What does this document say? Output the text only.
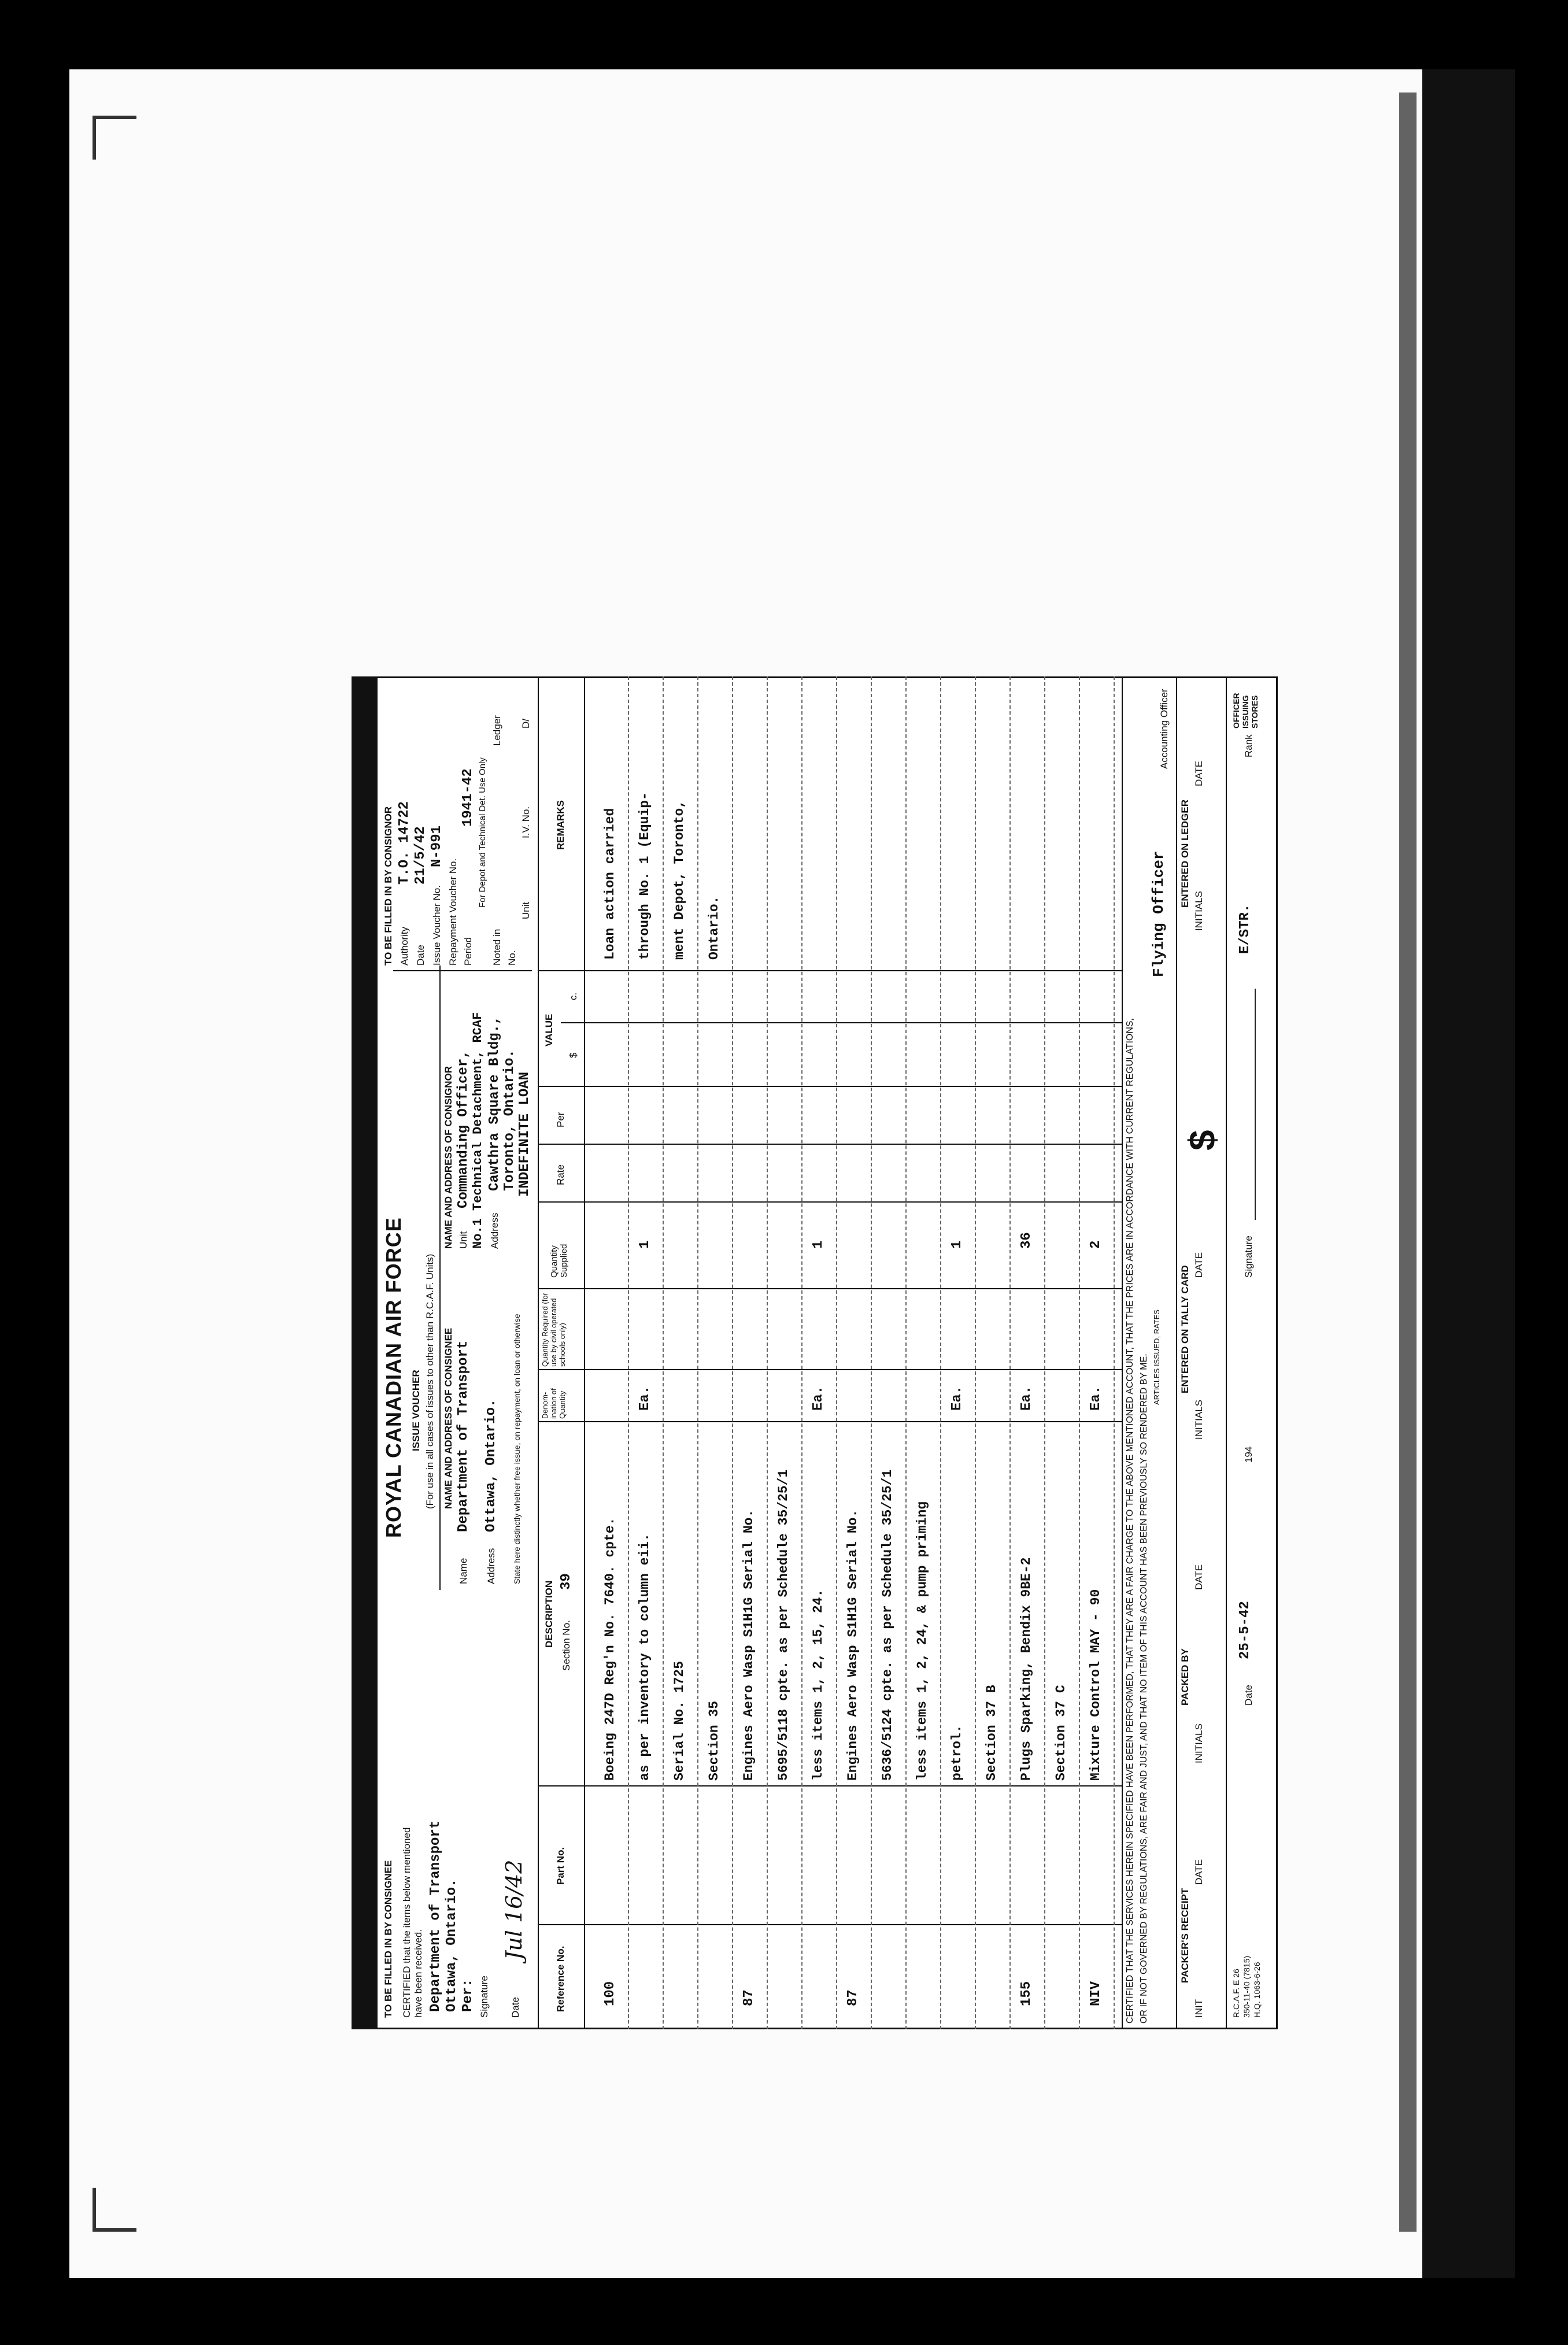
TO BE FILLED IN BY CONSIGNEE
TO BE FILLED IN BY CONSIGNOR
ROYAL CANADIAN AIR FORCE ISSUE VOUCHER (For use in all cases of issues to other than R.C.A.F. Units)
CERTIFIED that the items below mentioned have been received. Department of Transport Ottawa, Ontario. Per: Signature Date
Jul 16/42
NAME AND ADDRESS OF CONSIGNEE
Name
Department of Transport
Address
Ottawa, Ontario. State here distinctly whether free issue, on repayment, on loan or otherwise
NAME AND ADDRESS OF CONSIGNOR Unit
Commanding Officer, No.1 Technical Detachment, RCAF Address
Cawthra Square Bldg., Toronto, Ontario. INDEFINITE LOAN
Authority
T.O. 14722
Date
21/5/42
Issue Voucher No.
N-991
Repayment Voucher No. Period
1941-42 For Depot and Technical Det. Use Only
Noted in
Ledger
No.
Unit
I.V. No.
D/
Reference No.
Part No.
DESCRIPTION Section No.
39
Denom- ination of Quantity
Quantity Required (for use by civil operated schools only)
Quantity Supplied
Rate
Per
VALUE
$
c.
REMARKS
100
Boeing 247D Reg'n No. 7640. cpte.
Loan action carried
as per inventory to column eii.
Ea.
1
through No. 1 (Equip-
Serial No. 1725
ment Depot, Toronto,
Section 35
Ontario.
87
Engines Aero Wasp S1H1G Serial No. 5695/5118 cpte. as per Schedule 35/25/1 less items 1, 2, 15, 24.
Ea.
1
87
Engines Aero Wasp S1H1G Serial No. 5636/5124 cpte. as per Schedule 35/25/1 less items 1, 2, 24, & pump priming petrol.
Ea.
1
Section 37 B
155
Plugs Sparking, Bendix 9BE-2
Ea.
36
Section 37 C
NIV
Mixture Control MAY - 90
Ea.
2 CERTIFIED THAT THE SERVICES HEREIN SPECIFIED HAVE BEEN PERFORMED, THAT THEY ARE A FAIR CHARGE TO THE ABOVE MENTIONED ACCOUNT, THAT THE PRICES ARE IN ACCORDANCE WITH CURRENT REGULATIONS, OR IF NOT GOVERNED BY REGULATIONS, ARE FAIR AND JUST, AND THAT NO ITEM OF THIS ACCOUNT HAS BEEN PREVIOUSLY SO RENDERED BY ME. ARTICLES ISSUED, RATES
Flying Officer
Accounting Officer
PACKER'S RECEIPT
PACKED BY
ENTERED ON TALLY CARD
ENTERED ON LEDGER
INIT
DATE
INITIALS
DATE
INITIALS
DATE
$
INITIALS
DATE
R.C.A.F. E 26 350-11-40 (7815) H.Q. 1063-6-26
Date
25-5-42
194
Signature
E/STR.
Rank
OFFICER ISSUING STORES
